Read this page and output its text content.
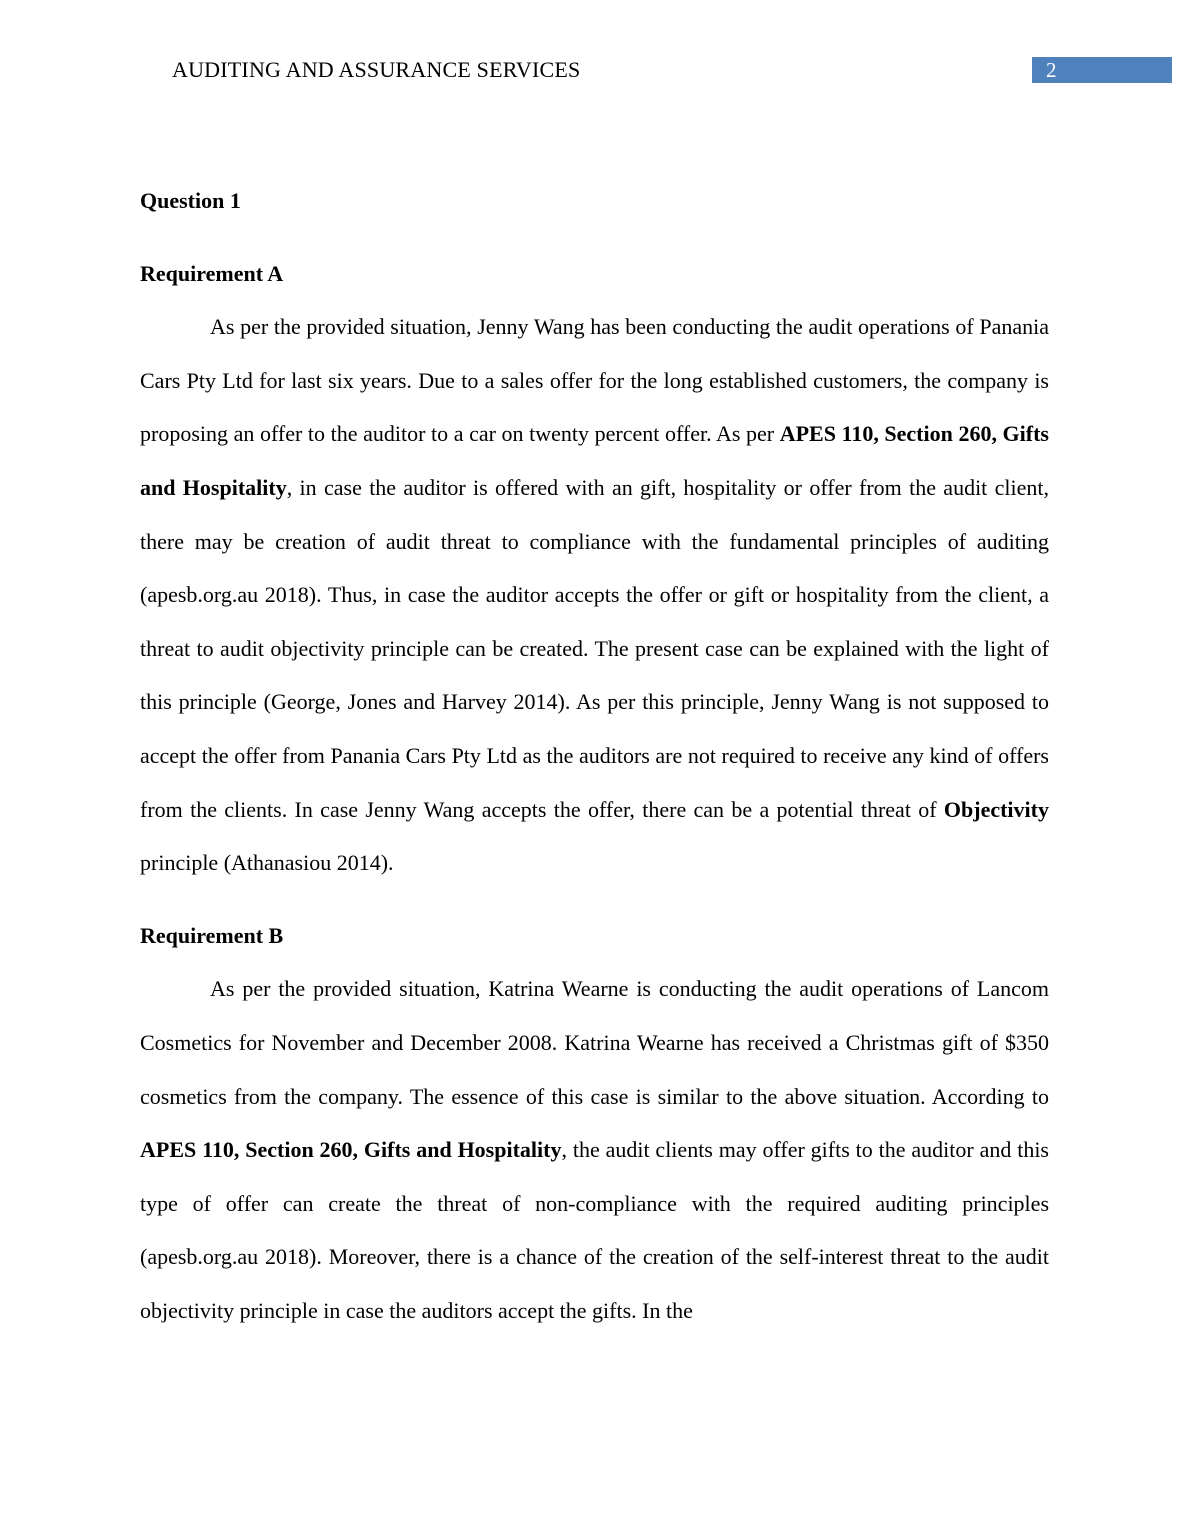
AUDITING AND ASSURANCE SERVICES	2

Question 1

Requirement A

As per the provided situation, Jenny Wang has been conducting the audit operations of Panania Cars Pty Ltd for last six years. Due to a sales offer for the long established customers, the company is proposing an offer to the auditor to a car on twenty percent offer. As per APES 110, Section 260, Gifts and Hospitality, in case the auditor is offered with an gift, hospitality or offer from the audit client, there may be creation of audit threat to compliance with the fundamental principles of auditing (apesb.org.au 2018). Thus, in case the auditor accepts the offer or gift or hospitality from the client, a threat to audit objectivity principle can be created. The present case can be explained with the light of this principle (George, Jones and Harvey 2014). As per this principle, Jenny Wang is not supposed to accept the offer from Panania Cars Pty Ltd as the auditors are not required to receive any kind of offers from the clients. In case Jenny Wang accepts the offer, there can be a potential threat of Objectivity principle (Athanasiou 2014).

Requirement B

As per the provided situation, Katrina Wearne is conducting the audit operations of Lancom Cosmetics for November and December 2008. Katrina Wearne has received a Christmas gift of $350 cosmetics from the company. The essence of this case is similar to the above situation. According to APES 110, Section 260, Gifts and Hospitality, the audit clients may offer gifts to the auditor and this type of offer can create the threat of non-compliance with the required auditing principles (apesb.org.au 2018). Moreover, there is a chance of the creation of the self-interest threat to the audit objectivity principle in case the auditors accept the gifts. In the
